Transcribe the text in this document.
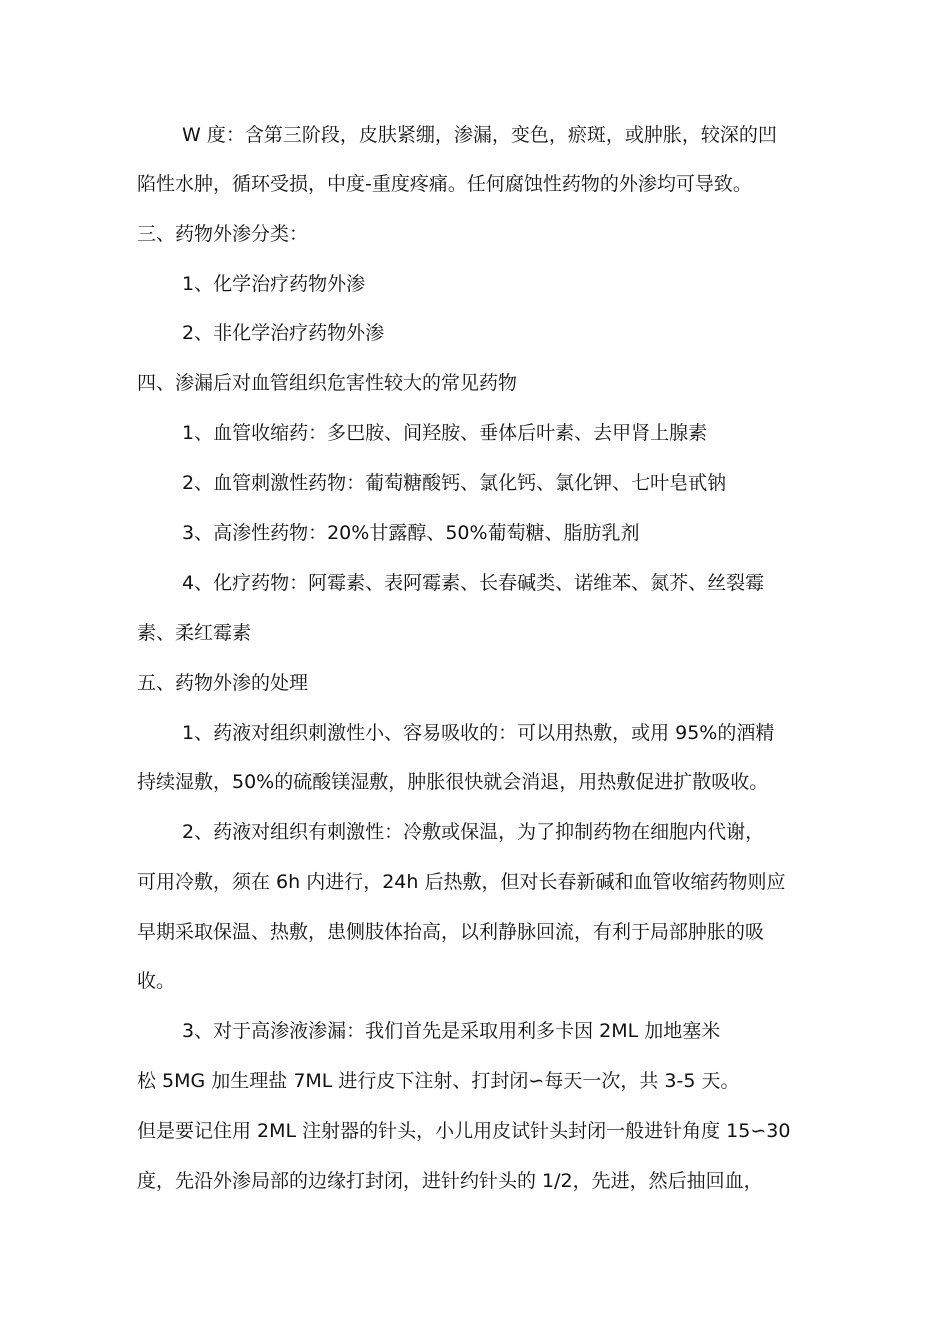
W 度：含第三阶段，皮肤紧绷，渗漏，变色，瘀斑，或肿胀，较深的凹
陷性水肿，循环受损，中度-重度疼痛。任何腐蚀性药物的外渗均可导致。
三、药物外渗分类：
1、化学治疗药物外渗
2、非化学治疗药物外渗
四、渗漏后对血管组织危害性较大的常见药物
1、血管收缩药：多巴胺、间羟胺、垂体后叶素、去甲肾上腺素
2、血管刺激性药物：葡萄糖酸钙、氯化钙、氯化钾、七叶皂甙钠
3、高渗性药物：20%甘露醇、50%葡萄糖、脂肪乳剂
4、化疗药物：阿霉素、表阿霉素、长春碱类、诺维苯、氮芥、丝裂霉
素、柔红霉素
五、药物外渗的处理
1、药液对组织刺激性小、容易吸收的：可以用热敷，或用 95%的酒精
持续湿敷，50%的硫酸镁湿敷，肿胀很快就会消退，用热敷促进扩散吸收。
2、药液对组织有刺激性：冷敷或保温，为了抑制药物在细胞内代谢，
可用冷敷，须在 6h 内进行，24h 后热敷，但对长春新碱和血管收缩药物则应
早期采取保温、热敷，患侧肢体抬高，以利静脉回流，有利于局部肿胀的吸
收。
3、对于高渗液渗漏：我们首先是采取用利多卡因 2ML 加地塞米
松 5MG 加生理盐 7ML 进行皮下注射、打封闭∽每天一次，共 3-5 天。
但是要记住用 2ML 注射器的针头，小儿用皮试针头封闭一般进针角度 15∽30
度，先沿外渗局部的边缘打封闭，进针约针头的 1/2，先进，然后抽回血，
